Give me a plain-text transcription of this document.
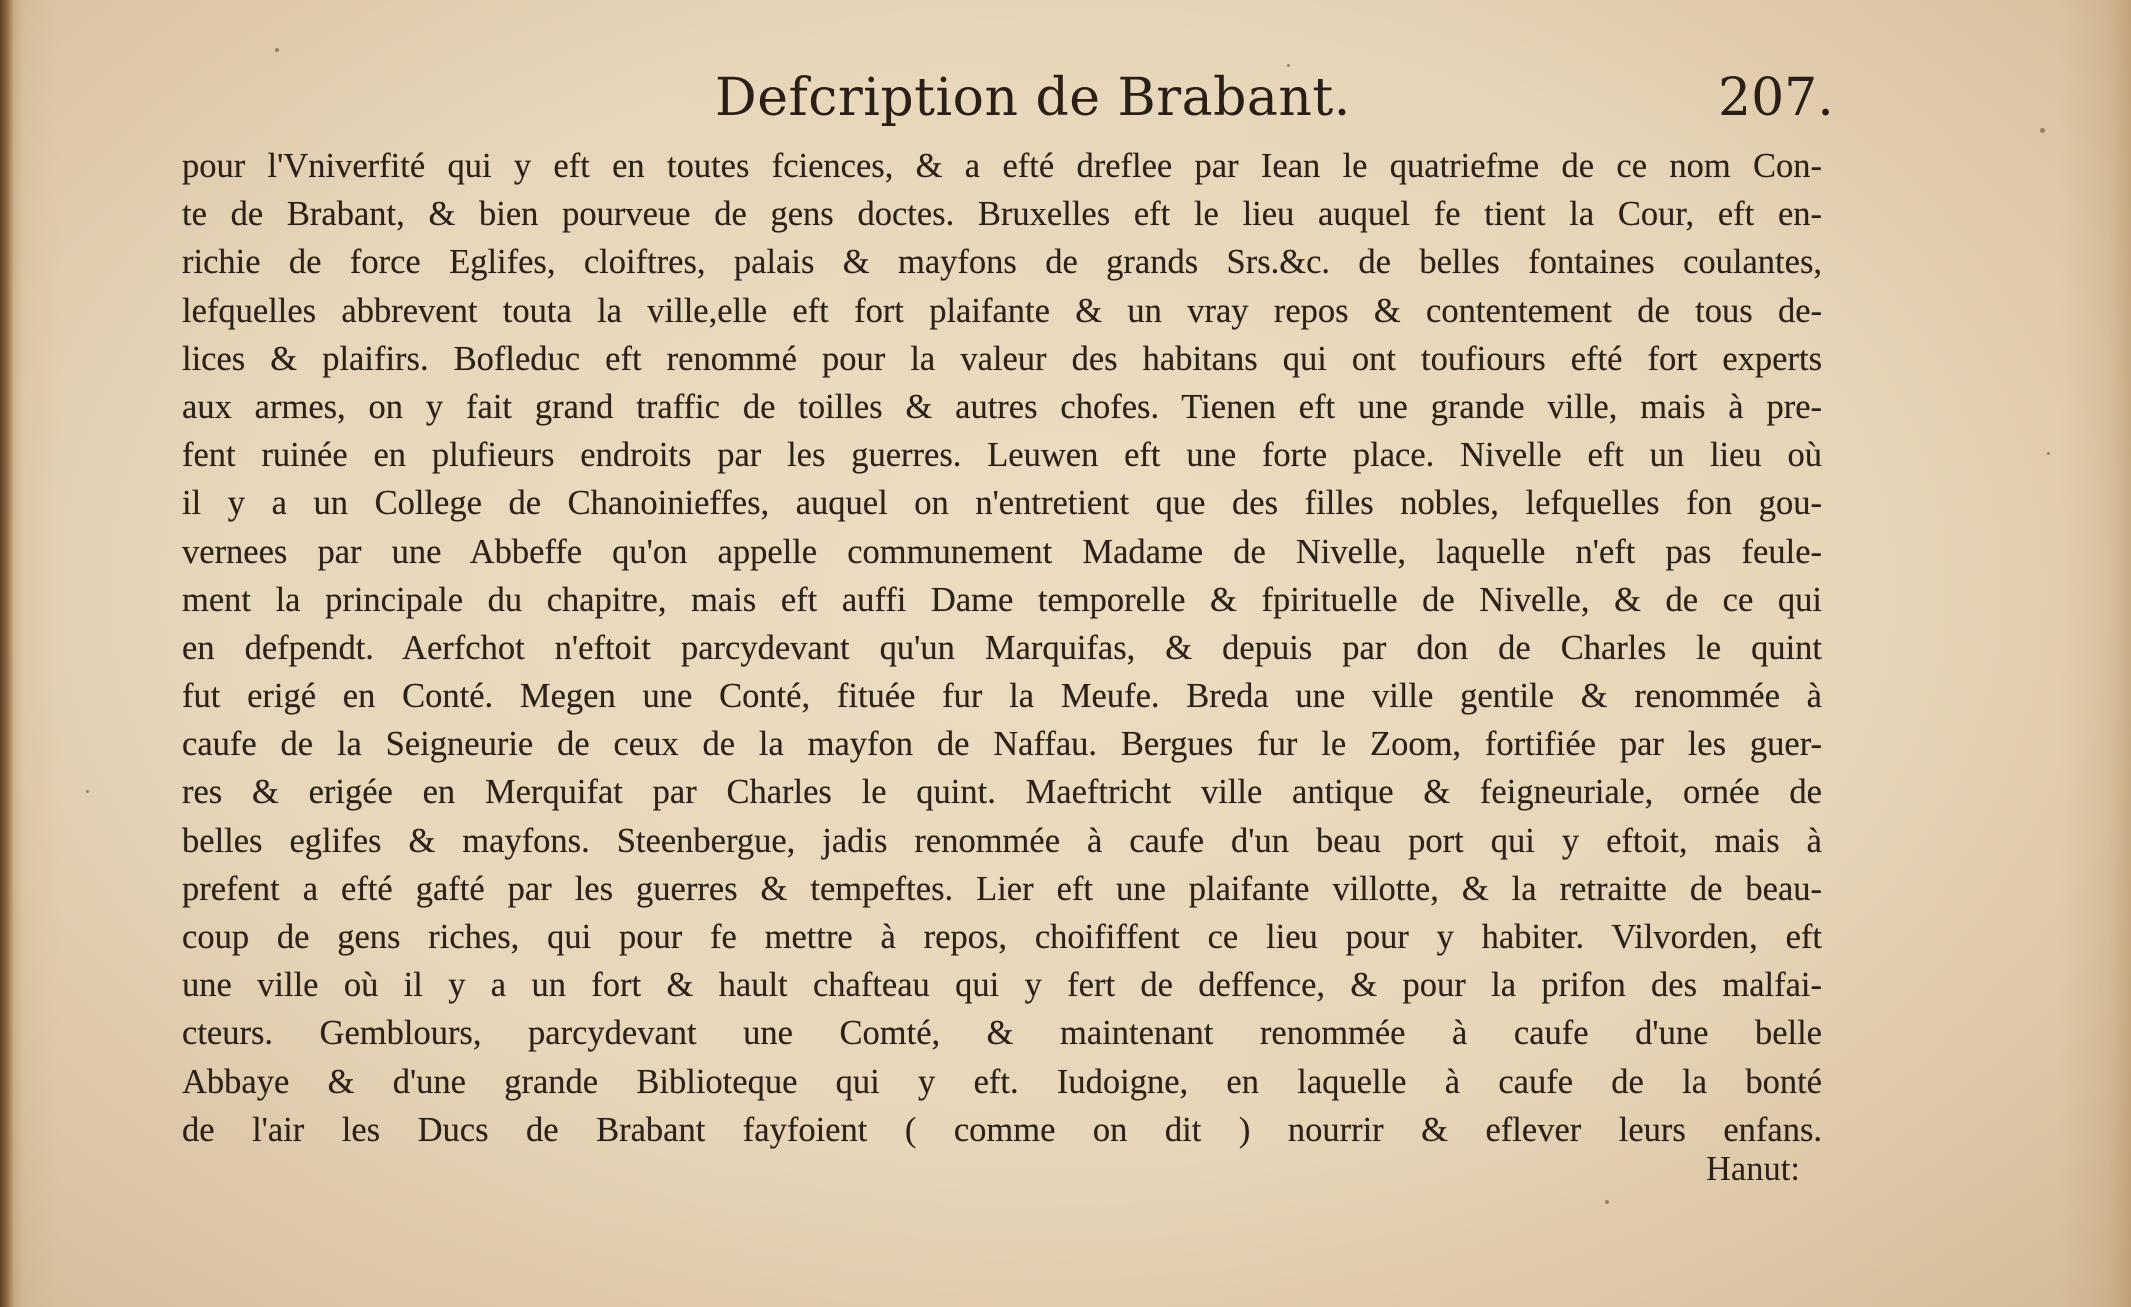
Defcription de Brabant.	207.
pour l'Vniverfité qui y eft en toutes fciences, & a efté dreflee par Iean le quatriefme de ce nom Con-
te de Brabant, & bien pourveue de gens doctes. Bruxelles eft le lieu auquel fe tient la Cour, eft en-
richie de force Eglifes, cloiftres, palais & mayfons de grands Srs.&c. de belles fontaines coulantes,
lefquelles abbrevent touta la ville,elle eft fort plaifante & un vray repos & contentement de tous de-
lices & plaifirs. Bofleduc eft renommé pour la valeur des habitans qui ont toufiours efté fort experts
aux armes, on y fait grand traffic de toilles & autres chofes. Tienen eft une grande ville, mais à pre-
fent ruinée en plufieurs endroits par les guerres. Leuwen eft une forte place. Nivelle eft un lieu où
il y a un College de Chanoinieffes, auquel on n'entretient que des filles nobles, lefquelles fon gou-
vernees par une Abbeffe qu'on appelle communement Madame de Nivelle, laquelle n'eft pas feule-
ment la principale du chapitre, mais eft auffi Dame temporelle & fpirituelle de Nivelle, & de ce qui
en defpendt. Aerfchot n'eftoit parcydevant qu'un Marquifas, & depuis par don de Charles le quint
fut erigé en Conté. Megen une Conté, fituée fur la Meufe. Breda une ville gentile & renommée à
caufe de la Seigneurie de ceux de la mayfon de Naffau. Bergues fur le Zoom, fortifiée par les guer-
res & erigée en Merquifat par Charles le quint. Maeftricht ville antique & feigneuriale, ornée de
belles eglifes & mayfons. Steenbergue, jadis renommée à caufe d'un beau port qui y eftoit, mais à
prefent a efté gafté par les guerres & tempeftes. Lier eft une plaifante villotte, & la retraitte de beau-
coup de gens riches, qui pour fe mettre à repos, choififfent ce lieu pour y habiter. Vilvorden, eft
une ville où il y a un fort & hault chafteau qui y fert de deffence, & pour la prifon des malfai-
cteurs. Gemblours, parcydevant une Comté, & maintenant renommée à caufe d'une belle
Abbaye & d'une grande Biblioteque qui y eft. Iudoigne, en laquelle à caufe de la bonté
de l'air les Ducs de Brabant fayfoient ( comme on dit ) nourrir & eflever leurs enfans.
Hanut:
